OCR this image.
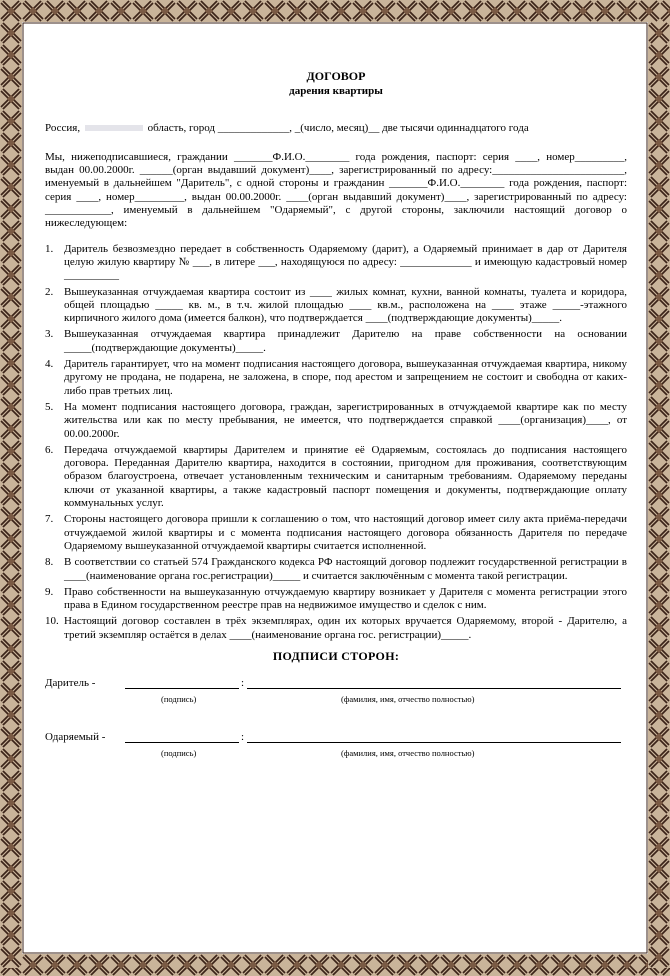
ДОГОВОР

дарения квартиры

Россия,	область, город _____________, _(число, месяц)__ две тысячи одиннадцатого года
Мы, нижеподписавшиеся, граждании _______Ф.И.О.________ года рождения, паспорт: серия ____, номер_________, выдан 00.00.2000г. ______(орган выдавший документ)____, зарегистрированный по адресу:________________________, именуемый в дальнейшем "Даритель", с одной стороны и гражданин _______Ф.И.О.________ года рождения, паспорт: серия ____, номер_________, выдан 00.00.2000г. ____(орган выдавший документ)____, зарегистрированный по адресу: ____________, именуемый в дальнейшем "Одаряемый", с другой стороны, заключили настоящий договор о нижеследующем:
1. Даритель безвозмездно передает в собственность Одаряемому (дарит), а Одаряемый принимает в дар от Дарителя целую жилую квартиру № ___, в литере ___, находящуюся по адресу: _____________ и имеющую кадастровый номер __________
2. Вышеуказанная отчуждаемая квартира состоит из ____ жилых комнат, кухни, ванной комнаты, туалета и коридора, общей площадью _____ кв. м., в т.ч. жилой площадью ____ кв.м., расположена на ____ этаже _____-этажного кирпичного жилого дома (имеется балкон), что подтверждается ____(подтверждающие документы)_____.
3. Вышеуказанная отчуждаемая квартира принадлежит Дарителю на праве собственности на основании _____(подтверждающие документы)_____.
4. Даритель гарантирует, что на момент подписания настоящего договора, вышеуказанная отчуждаемая квартира, никому другому не продана, не подарена, не заложена, в споре, под арестом и запрещением не состоит и свободна от каких-либо прав третьих лиц.
5. На момент подписания настоящего договора, граждан, зарегистрированных в отчуждаемой квартире как по месту жительства или как по месту пребывания, не имеется, что подтверждается справкой ____(организация)____, от 00.00.2000г.
6. Передача отчуждаемой квартиры Дарителем и принятие её Одаряемым, состоялась до подписания настоящего договора. Переданная Дарителю квартира, находится в состоянии, пригодном для проживания, соответствующим образом благоустроена, отвечает установленным техническим и санитарным требованиям. Одаряемому переданы ключи от указанной квартиры, а также кадастровый паспорт помещения и документы, подтверждающие оплату коммунальных услуг.
7. Стороны настоящего договора пришли к соглашению о том, что настоящий договор имеет силу акта приёма-передачи отчуждаемой жилой квартиры и с момента подписания настоящего договора обязанность Дарителя по передаче Одаряемому вышеуказанной отчуждаемой квартиры считается исполненной.
8. В соответствии со статьей 574 Гражданского кодекса РФ настоящий договор подлежит государственной регистрации в ____(наименование органа гос.регистрации)_____ и считается заключённым с момента такой регистрации.
9. Право собственности на вышеуказанную отчуждаемую квартиру возникает у Дарителя с момента регистрации этого права в Едином государственном реестре прав на недвижимое имущество и сделок с ним.
10. Настоящий договор составлен в трёх экземплярах, один их которых вручается Одаряемому, второй - Дарителю, а третий экземпляр остаётся в делах ____(наименование органа гос. регистрации)_____.
ПОДПИСИ СТОРОН:
Даритель -	:
(подпись)	(фамилия, имя, отчество полностью)
Одаряемый -	:
(подпись)	(фамилия, имя, отчество полностью)
